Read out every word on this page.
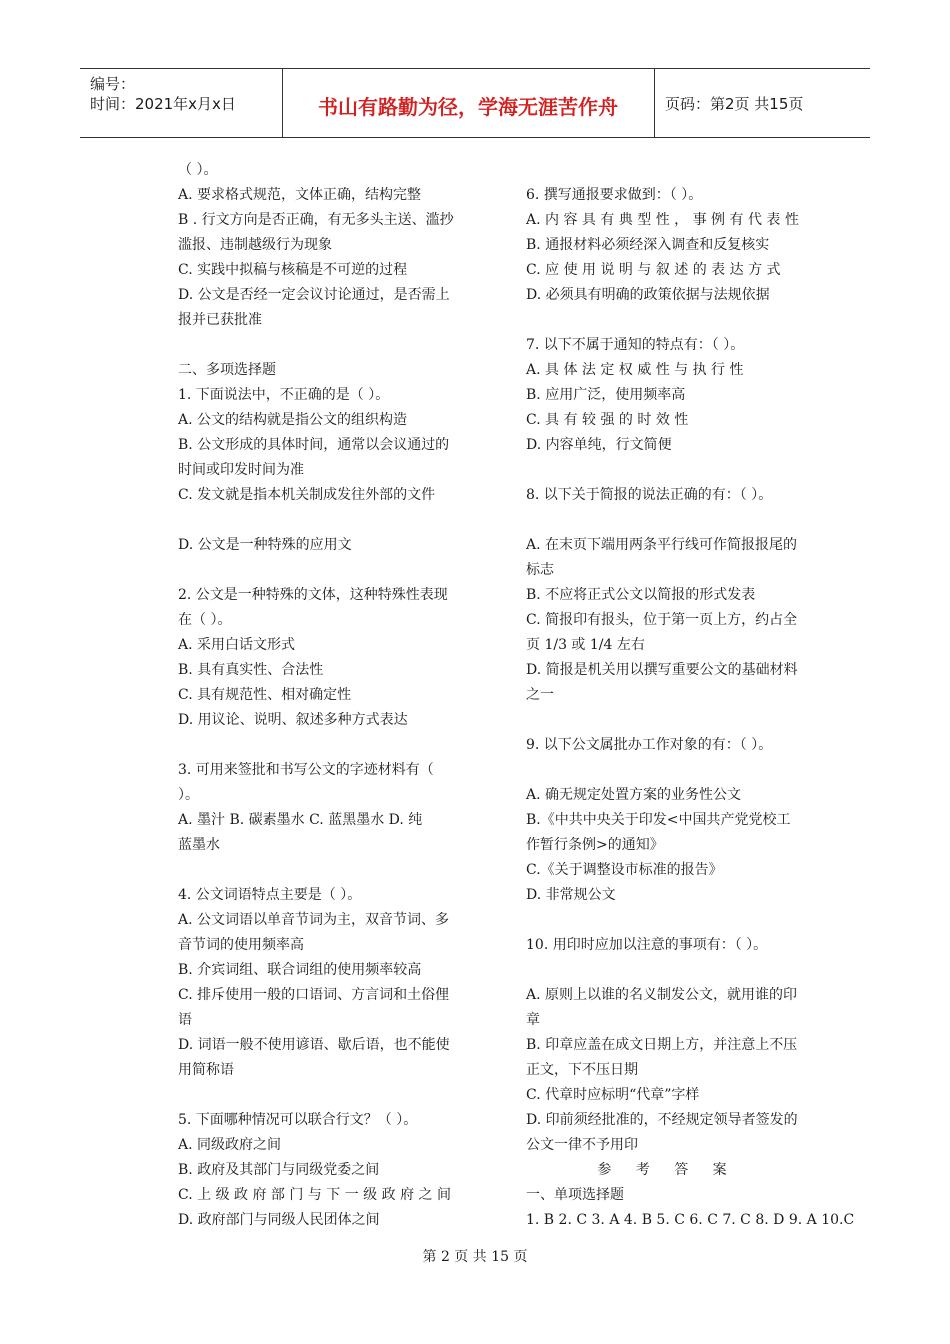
编号：
时间：2021年x月x日	书山有路勤为径，学海无涯苦作舟	页码：第2页 共15页
（ ）。
A. 要求格式规范，文体正确，结构完整
B . 行文方向是否正确，有无多头主送、滥抄
滥报、违制越级行为现象
C. 实践中拟稿与核稿是不可逆的过程
D. 公文是否经一定会议讨论通过，是否需上
报并已获批准
二、多项选择题
1. 下面说法中，不正确的是（ ）。
A. 公文的结构就是指公文的组织构造
B. 公文形成的具体时间，通常以会议通过的
时间或印发时间为准
C. 发文就是指本机关制成发往外部的文件
D. 公文是一种特殊的应用文
2. 公文是一种特殊的文体，这种特殊性表现
在（ ）。
A. 采用白话文形式
B. 具有真实性、合法性
C. 具有规范性、相对确定性
D. 用议论、说明、叙述多种方式表达
3. 可用来签批和书写公文的字迹材料有（
）。
A. 墨汁 B. 碳素墨水 C. 蓝黑墨水 D. 纯
蓝墨水
4. 公文词语特点主要是（ ）。
A. 公文词语以单音节词为主，双音节词、多
音节词的使用频率高
B. 介宾词组、联合词组的使用频率较高
C. 排斥使用一般的口语词、方言词和土俗俚
语
D. 词语一般不使用谚语、歇后语，也不能使
用简称语
5. 下面哪种情况可以联合行文？（ ）。
A. 同级政府之间
B. 政府及其部门与同级党委之间
C. 上 级 政 府 部 门 与 下 一 级 政 府 之 间
D. 政府部门与同级人民团体之间
6. 撰写通报要求做到：（ ）。
A. 内 容 具 有 典 型 性 ， 事 例 有 代 表 性
B. 通报材料必须经深入调查和反复核实
C. 应 使 用 说 明 与 叙 述 的 表 达 方 式
D. 必须具有明确的政策依据与法规依据
7. 以下不属于通知的特点有：（ ）。
A. 具 体 法 定 权 威 性 与 执 行 性
B. 应用广泛，使用频率高
C. 具 有 较 强 的 时 效 性
D. 内容单纯，行文简便
8. 以下关于简报的说法正确的有：（ ）。
A. 在末页下端用两条平行线可作简报报尾的
标志
B. 不应将正式公文以简报的形式发表
C. 简报印有报头，位于第一页上方，约占全
页 1/3 或 1/4 左右
D. 简报是机关用以撰写重要公文的基础材料
之一
9. 以下公文属批办工作对象的有：（ ）。
A. 确无规定处置方案的业务性公文
B.《中共中央关于印发<中国共产党党校工
作暂行条例>的通知》
C.《关于调整设市标准的报告》
D. 非常规公文
10. 用印时应加以注意的事项有：（ ）。
A. 原则上以谁的名义制发公文，就用谁的印
章
B. 印章应盖在成文日期上方，并注意上不压
正文，下不压日期
C. 代章时应标明“代章”字样
D. 印前须经批准的，不经规定领导者签发的
公文一律不予用印
参 考 答 案
一、单项选择题
1. B 2. C 3. A 4. B 5. C 6. C 7. C 8. D 9. A 10.C
第 2 页 共 15 页
